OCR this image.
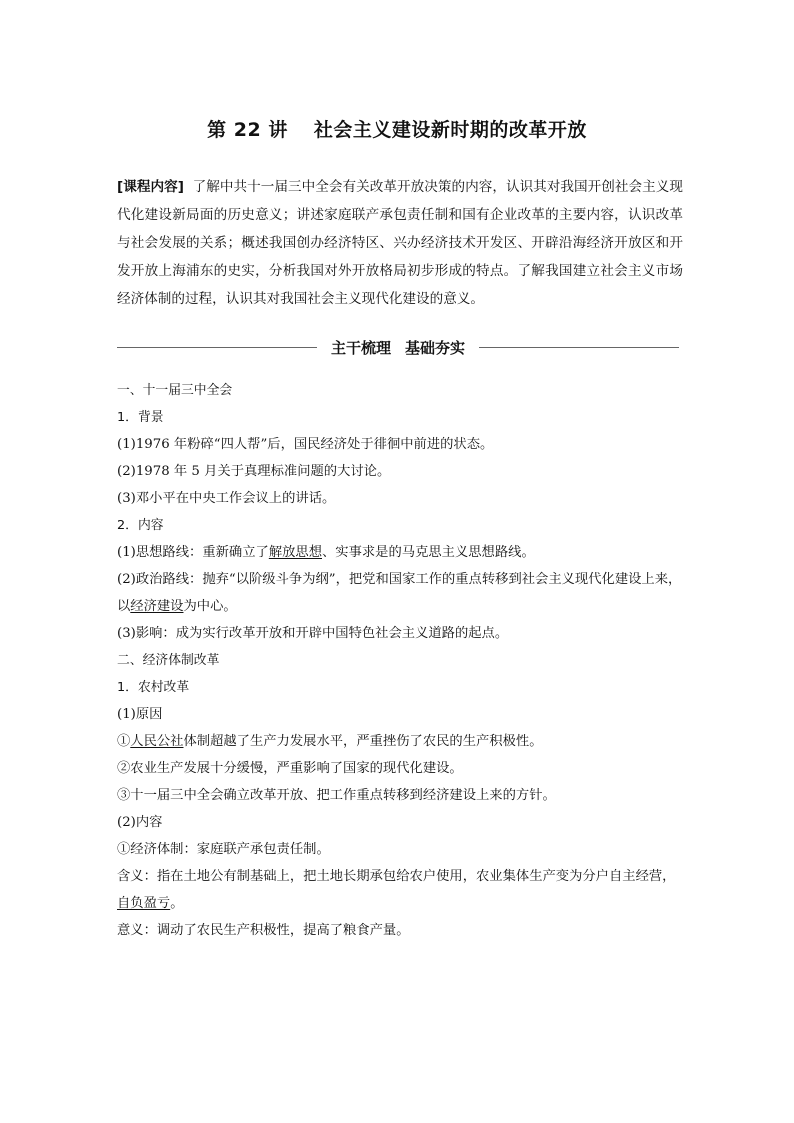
第 22 讲 社会主义建设新时期的改革开放
[课程内容] 了解中共十一届三中全会有关改革开放决策的内容，认识其对我国开创社会主义现代化建设新局面的历史意义；讲述家庭联产承包责任制和国有企业改革的主要内容，认识改革与社会发展的关系；概述我国创办经济特区、兴办经济技术开发区、开辟沿海经济开放区和开发开放上海浦东的史实，分析我国对外开放格局初步形成的特点。了解我国建立社会主义市场经济体制的过程，认识其对我国社会主义现代化建设的意义。
主干梳理 基础夯实

一、十一届三中全会

1．背景

(1)1976 年粉碎“四人帮”后，国民经济处于徘徊中前进的状态。

(2)1978 年 5 月关于真理标准问题的大讨论。

(3)邓小平在中央工作会议上的讲话。

2．内容

(1)思想路线：重新确立了解放思想、实事求是的马克思主义思想路线。

(2)政治路线：抛弃“以阶级斗争为纲”，把党和国家工作的重点转移到社会主义现代化建设上来，以经济建设为中心。

(3)影响：成为实行改革开放和开辟中国特色社会主义道路的起点。

二、经济体制改革

1．农村改革

(1)原因

①人民公社体制超越了生产力发展水平，严重挫伤了农民的生产积极性。

②农业生产发展十分缓慢，严重影响了国家的现代化建设。

③十一届三中全会确立改革开放、把工作重点转移到经济建设上来的方针。

(2)内容

①经济体制：家庭联产承包责任制。

含义：指在土地公有制基础上，把土地长期承包给农户使用，农业集体生产变为分户自主经营，自负盈亏。

意义：调动了农民生产积极性，提高了粮食产量。
